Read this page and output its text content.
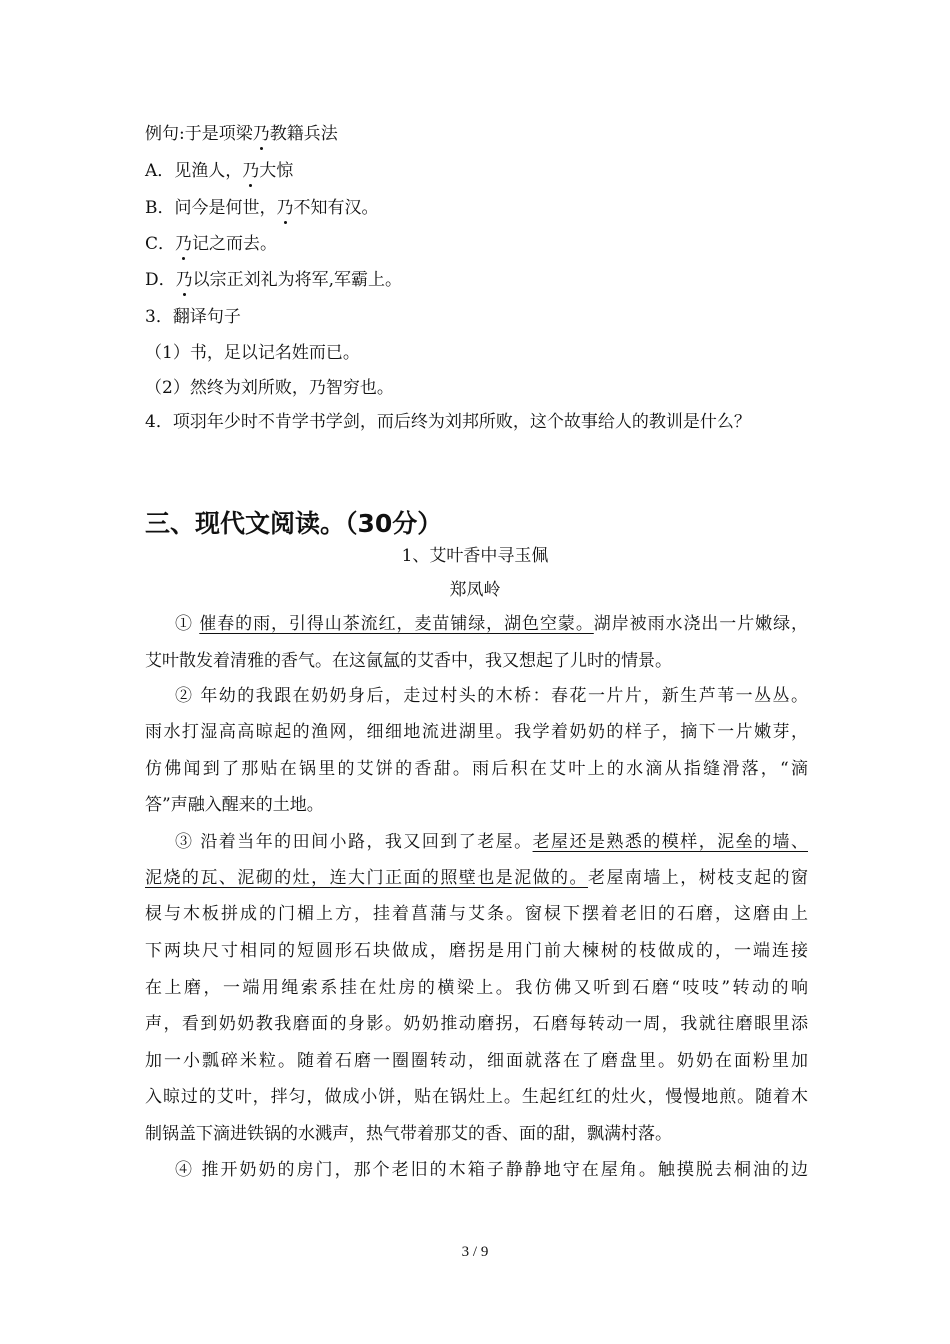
例句:于是项梁乃教籍兵法
A．见渔人，乃大惊
B．问今是何世，乃不知有汉。
C．乃记之而去。
D．乃以宗正刘礼为将军,军霸上。
3．翻译句子
（1）书，足以记名姓而已。
（2）然终为刘所败，乃智穷也。
4．项羽年少时不肯学书学剑，而后终为刘邦所败，这个故事给人的教训是什么？
三、现代文阅读。（30分）
1、艾叶香中寻玉佩
郑凤岭
① 催春的雨，引得山茶流红，麦苗铺绿，湖色空蒙。湖岸被雨水浇出一片嫩绿，
艾叶散发着清雅的香气。在这氤氲的艾香中，我又想起了儿时的情景。
② 年幼的我跟在奶奶身后，走过村头的木桥：春花一片片，新生芦苇一丛丛。
雨水打湿高高晾起的渔网，细细地流进湖里。我学着奶奶的样子，摘下一片嫩芽，
仿佛闻到了那贴在锅里的艾饼的香甜。雨后积在艾叶上的水滴从指缝滑落，“滴
答”声融入醒来的土地。
③ 沿着当年的田间小路，我又回到了老屋。老屋还是熟悉的模样，泥垒的墙、
泥烧的瓦、泥砌的灶，连大门正面的照壁也是泥做的。老屋南墙上，树枝支起的窗
棂与木板拼成的门楣上方，挂着菖蒲与艾条。窗棂下摆着老旧的石磨，这磨由上
下两块尺寸相同的短圆形石块做成，磨拐是用门前大楝树的枝做成的，一端连接
在上磨，一端用绳索系挂在灶房的横梁上。我仿佛又听到石磨“吱吱”转动的响
声，看到奶奶教我磨面的身影。奶奶推动磨拐，石磨每转动一周，我就往磨眼里添
加一小瓢碎米粒。随着石磨一圈圈转动，细面就落在了磨盘里。奶奶在面粉里加
入晾过的艾叶，拌匀，做成小饼，贴在锅灶上。生起红红的灶火，慢慢地煎。随着木
制锅盖下滴进铁锅的水溅声，热气带着那艾的香、面的甜，飘满村落。
④ 推开奶奶的房门，那个老旧的木箱子静静地守在屋角。触摸脱去桐油的边
3 / 9
